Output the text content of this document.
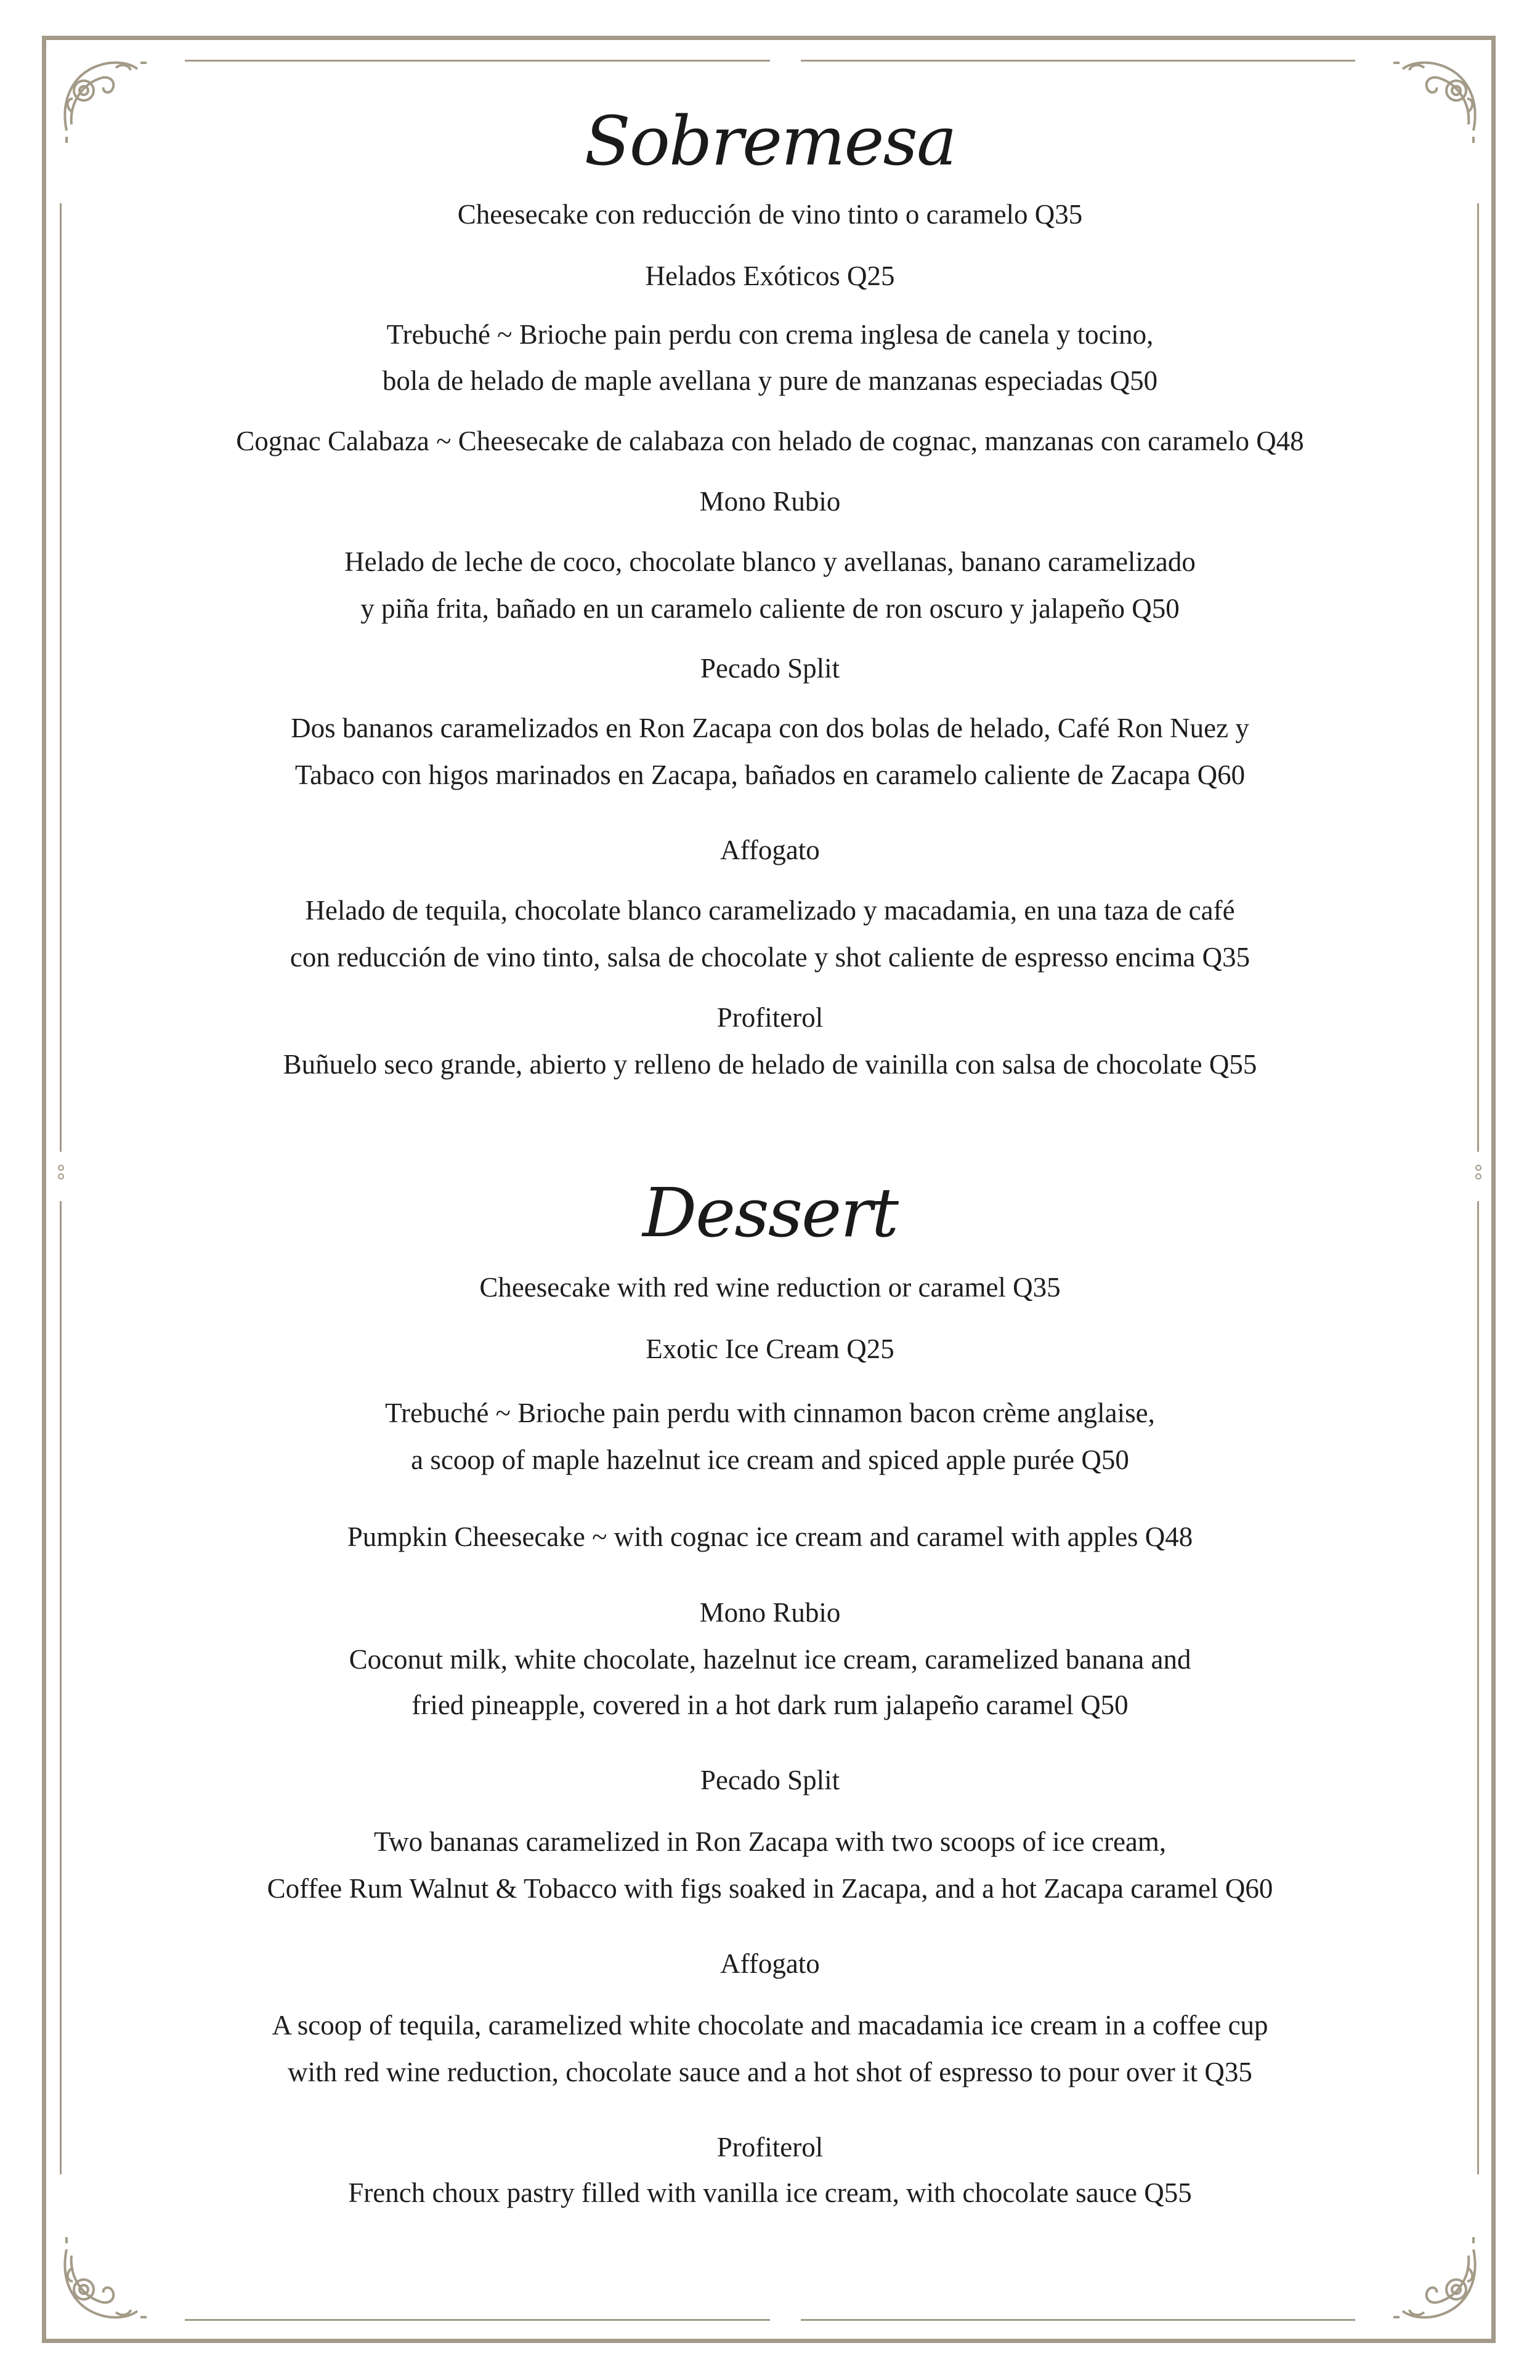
Sobremesa
Cheesecake con reducción de vino tinto o caramelo Q35
Helados Exóticos Q25
Trebuché ~ Brioche pain perdu con crema inglesa de canela y tocino,
bola de helado de maple avellana y pure de manzanas especiadas Q50
Cognac Calabaza ~ Cheesecake de calabaza con helado de cognac, manzanas con caramelo Q48
Mono Rubio
Helado de leche de coco, chocolate blanco y avellanas, banano caramelizado
y piña frita, bañado en un caramelo caliente de ron oscuro y jalapeño Q50
Pecado Split
Dos bananos caramelizados en Ron Zacapa con dos bolas de helado, Café Ron Nuez y
Tabaco con higos marinados en Zacapa, bañados en caramelo caliente de Zacapa Q60
Affogato
Helado de tequila, chocolate blanco caramelizado y macadamia, en una taza de café
con reducción de vino tinto, salsa de chocolate y shot caliente de espresso encima Q35
Profiterol
Buñuelo seco grande, abierto y relleno de helado de vainilla con salsa de chocolate Q55
Dessert
Cheesecake with red wine reduction or caramel Q35
Exotic Ice Cream Q25
Trebuché ~ Brioche pain perdu with cinnamon bacon crème anglaise,
a scoop of maple hazelnut ice cream and spiced apple purée Q50
Pumpkin Cheesecake ~ with cognac ice cream and caramel with apples Q48
Mono Rubio
Coconut milk, white chocolate, hazelnut ice cream, caramelized banana and
fried pineapple, covered in a hot dark rum jalapeño caramel Q50
Pecado Split
Two bananas caramelized in Ron Zacapa with two scoops of ice cream,
Coffee Rum Walnut & Tobacco with figs soaked in Zacapa, and a hot Zacapa caramel Q60
Affogato
A scoop of tequila, caramelized white chocolate and macadamia ice cream in a coffee cup
with red wine reduction, chocolate sauce and a hot shot of espresso to pour over it Q35
Profiterol
French choux pastry filled with vanilla ice cream, with chocolate sauce Q55
